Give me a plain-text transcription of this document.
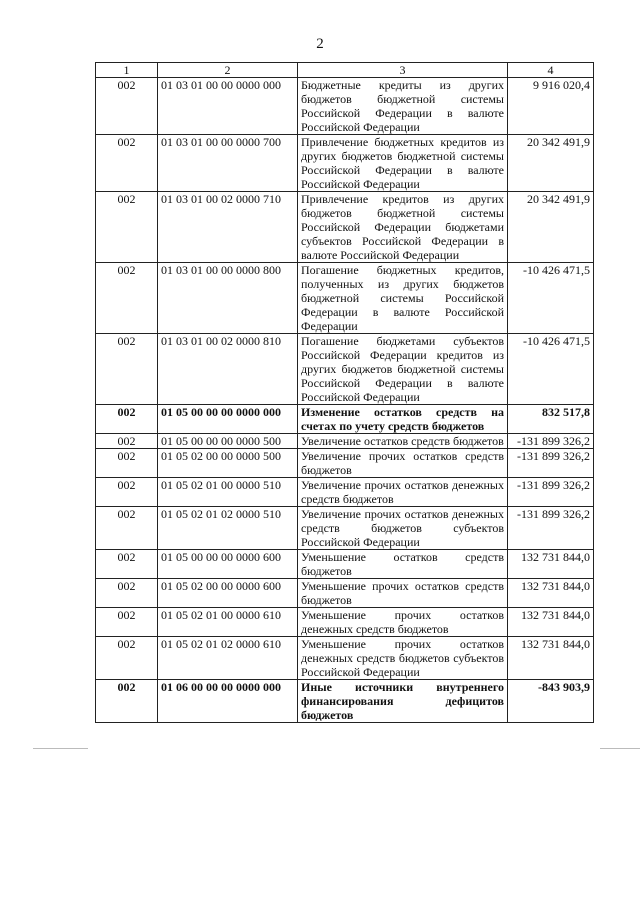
2
1	2	3	4
002	01 03 01 00 00 0000 000	Бюджетные кредиты из других бюджетов бюджетной системы Российской Федерации в валюте Российской Федерации	9 916 020,4
002	01 03 01 00 00 0000 700	Привлечение бюджетных кредитов из других бюджетов бюджетной системы Российской Федерации в валюте Российской Федерации	20 342 491,9
002	01 03 01 00 02 0000 710	Привлечение кредитов из других бюджетов бюджетной системы Российской Федерации бюджетами субъектов Российской Федерации в валюте Российской Федерации	20 342 491,9
002	01 03 01 00 00 0000 800	Погашение бюджетных кредитов, полученных из других бюджетов бюджетной системы Российской Федерации в валюте Российской Федерации	-10 426 471,5
002	01 03 01 00 02 0000 810	Погашение бюджетами субъектов Российской Федерации кредитов из других бюджетов бюджетной системы Российской Федерации в валюте Российской Федерации	-10 426 471,5
002	01 05 00 00 00 0000 000	Изменение остатков средств на счетах по учету средств бюджетов	832 517,8
002	01 05 00 00 00 0000 500	Увеличение остатков средств бюджетов	-131 899 326,2
002	01 05 02 00 00 0000 500	Увеличение прочих остатков средств бюджетов	-131 899 326,2
002	01 05 02 01 00 0000 510	Увеличение прочих остатков денежных средств бюджетов	-131 899 326,2
002	01 05 02 01 02 0000 510	Увеличение прочих остатков денежных средств бюджетов субъектов Российской Федерации	-131 899 326,2
002	01 05 00 00 00 0000 600	Уменьшение остатков средств бюджетов	132 731 844,0
002	01 05 02 00 00 0000 600	Уменьшение прочих остатков средств бюджетов	132 731 844,0
002	01 05 02 01 00 0000 610	Уменьшение прочих остатков денежных средств бюджетов	132 731 844,0
002	01 05 02 01 02 0000 610	Уменьшение прочих остатков денежных средств бюджетов субъектов Российской Федерации	132 731 844,0
002	01 06 00 00 00 0000 000	Иные источники внутреннего финансирования дефицитов бюджетов	-843 903,9
